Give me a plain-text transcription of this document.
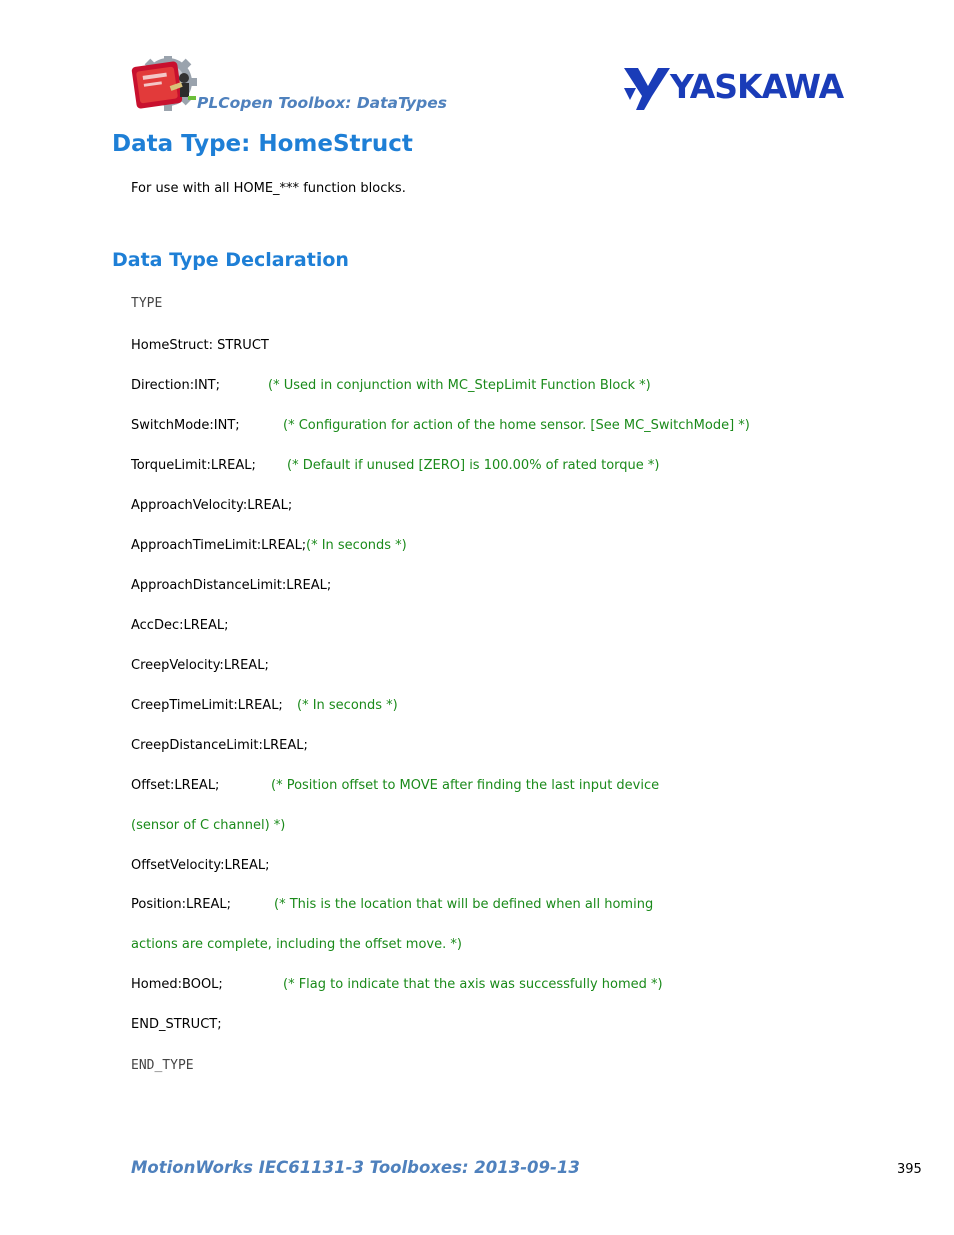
PLCopen Toolbox: DataTypes	YASKAWA
Data Type: HomeStruct
For use with all HOME_*** function blocks.
Data Type Declaration
TYPE
HomeStruct: STRUCT
Direction:INT;	(* Used in conjunction with MC_StepLimit Function Block *)
SwitchMode:INT;	(* Configuration for action of the home sensor. [See MC_SwitchMode] *)
TorqueLimit:LREAL; (* Default if unused [ZERO] is 100.00% of rated torque *)
ApproachVelocity:LREAL;
ApproachTimeLimit:LREAL; (* In seconds *)
ApproachDistanceLimit:LREAL;
AccDec:LREAL;
CreepVelocity:LREAL;
CreepTimeLimit:LREAL; (* In seconds *)
CreepDistanceLimit:LREAL;
Offset:LREAL;	(* Position offset to MOVE after finding the last input device
(sensor of C channel) *)
OffsetVelocity:LREAL;
Position:LREAL;	(* This is the location that will be defined when all homing
actions are complete, including the offset move. *)
Homed:BOOL;	(* Flag to indicate that the axis was successfully homed *)
END_STRUCT;
END_TYPE
MotionWorks IEC61131-3 Toolboxes: 2013-09-13	395
